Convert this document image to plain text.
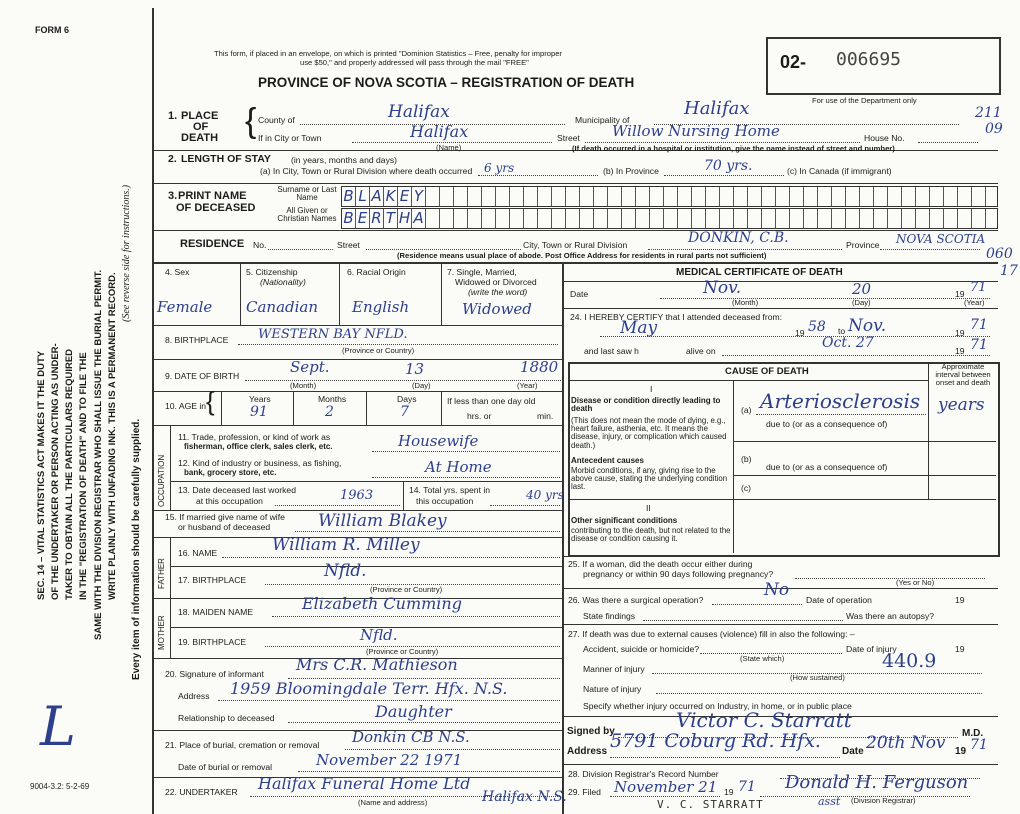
FORM 6
This form, if placed in an envelope, on which is printed "Dominion Statistics – Free, penalty for improper
use $50," and properly addressed will pass through the mail "FREE"
PROVINCE OF NOVA SCOTIA – REGISTRATION OF DEATH
02- 006695
For use of the Department only
211
09
060
17
SEC. 14 – VITAL STATISTICS ACT MAKES IT THE DUTY OF THE UNDERTAKER OR PERSON ACTING AS UNDER- TAKER TO OBTAIN ALL THE PARTICULARS REQUIRED IN THE "REGISTRATION OF DEATH" AND TO FILE THE SAME WITH THE DIVISION REGISTRAR WHO SHALL ISSUE THE BURIAL PERMIT. WRITE PLAINLY WITH UNFADING INK. THIS IS A PERMANENT RECORD.
(See reverse side for instructions.)
Every item of information should be carefully supplied.
L
9004-3.2: 5-2-69
1. PLACE
OF
DEATH { County of	Halifax	Municipality of
Halifax
If in City or Town	Halifax
(Name)
Street Willow Nursing Home	House No.
(If death occurred in a hospital or institution, give the name instead of street and number)
2. LENGTH OF STAY (in years, months and days)
(a) In City, Town or Rural Division where death occurred 6 yrs	(b) In Province	70 yrs.	(c) In Canada (if immigrant)
3. PRINT NAME
OF DECEASED
Surname or Last Name
All Given or Christian Names
B L A K E Y
B E R T H A
RESIDENCE No.	Street	City, Town or Rural Division	DONKIN, C.B.	Province NOVA SCOTIA
(Residence means usual place of abode. Post Office Address for residents in rural parts not sufficient)
4. Sex
Female
5. Citizenship
(Nationality)
Canadian
6. Racial Origin
English
7. Single, Married,
Widowed or Divorced
(write the word)
Widowed
8. BIRTHPLACE WESTERN BAY NFLD.
(Province or Country)
9. DATE OF BIRTH	Sept.	13	1880
(Month)	(Day)	(Year)
10. AGE in {	Years	Months	Days
91	2	7
If less than one day old
hrs. or	min.
OCCUPATION
11. Trade, profession, or kind of work as
fisherman, office clerk, sales clerk, etc.	Housewife
12. Kind of industry or business, as fishing,
bank, grocery store, etc.	At Home
13. Date deceased last worked
at this occupation	1963	14. Total yrs. spent in
this occupation	40 yrs
15. If married give name of wife
or husband of deceased	William Blakey
FATHER
16. NAME	William R. Milley
17. BIRTHPLACE	Nfld.
(Province or Country)
MOTHER
18. MAIDEN NAME	Elizabeth Cumming
19. BIRTHPLACE	Nfld.
(Province or Country)
20. Signature of informant Mrs C.R. Mathieson
Address 1959 Bloomingdale Terr. Hfx. N.S.
Relationship to deceased	Daughter
21. Place of burial, cremation or removal Donkin CB N.S.
Date of burial or removal	November 22 1971
22. UNDERTAKER Halifax Funeral Home Ltd
Halifax N.S.
(Name and address)
MEDICAL CERTIFICATE OF DEATH
Date	Nov.	20	19 71
(Month)	(Day)	(Year)
24. I HEREBY CERTIFY that I attended deceased from:
May	19 58 to Nov.	19 71
and last saw h	alive on	Oct. 27	19 71
CAUSE OF DEATH	Approximate interval between onset and death
I
Disease or condition directly leading to death
(This does not mean the mode of dying, e.g., heart failure, asthenia, etc. It means the disease, injury, or complication which caused death.)
(a) Arteriosclerosis years
due to (or as a consequence of)
Antecedent causes
Morbid conditions, if any, giving rise to the above cause, stating the underlying condition last.
(b)
due to (or as a consequence of)
(c)
II
Other significant conditions
contributing to the death, but not related to the disease or condition causing it.
25. If a woman, did the death occur either during
pregnancy or within 90 days following pregnancy?
(Yes or No)
26. Was there a surgical operation?	No Date of operation	19
State findings	Was there an autopsy?
27. If death was due to external causes (violence) fill in also the following: –
Accident, suicide or homicide?	Date of injury	19
(State which)
Manner of injury	440.9
(How sustained)
Nature of injury
Specify whether injury occurred on Industry, in home, or in public place
Signed by	Victor C. Starratt
M.D.
Address 5791 Coburg Rd. Hfx. Date 20th Nov 19 71
28. Division Registrar's Record Number
29. Filed November 21 19 71 Donald H. Ferguson
(Division Registrar)
V. C. STARRATT	asst
